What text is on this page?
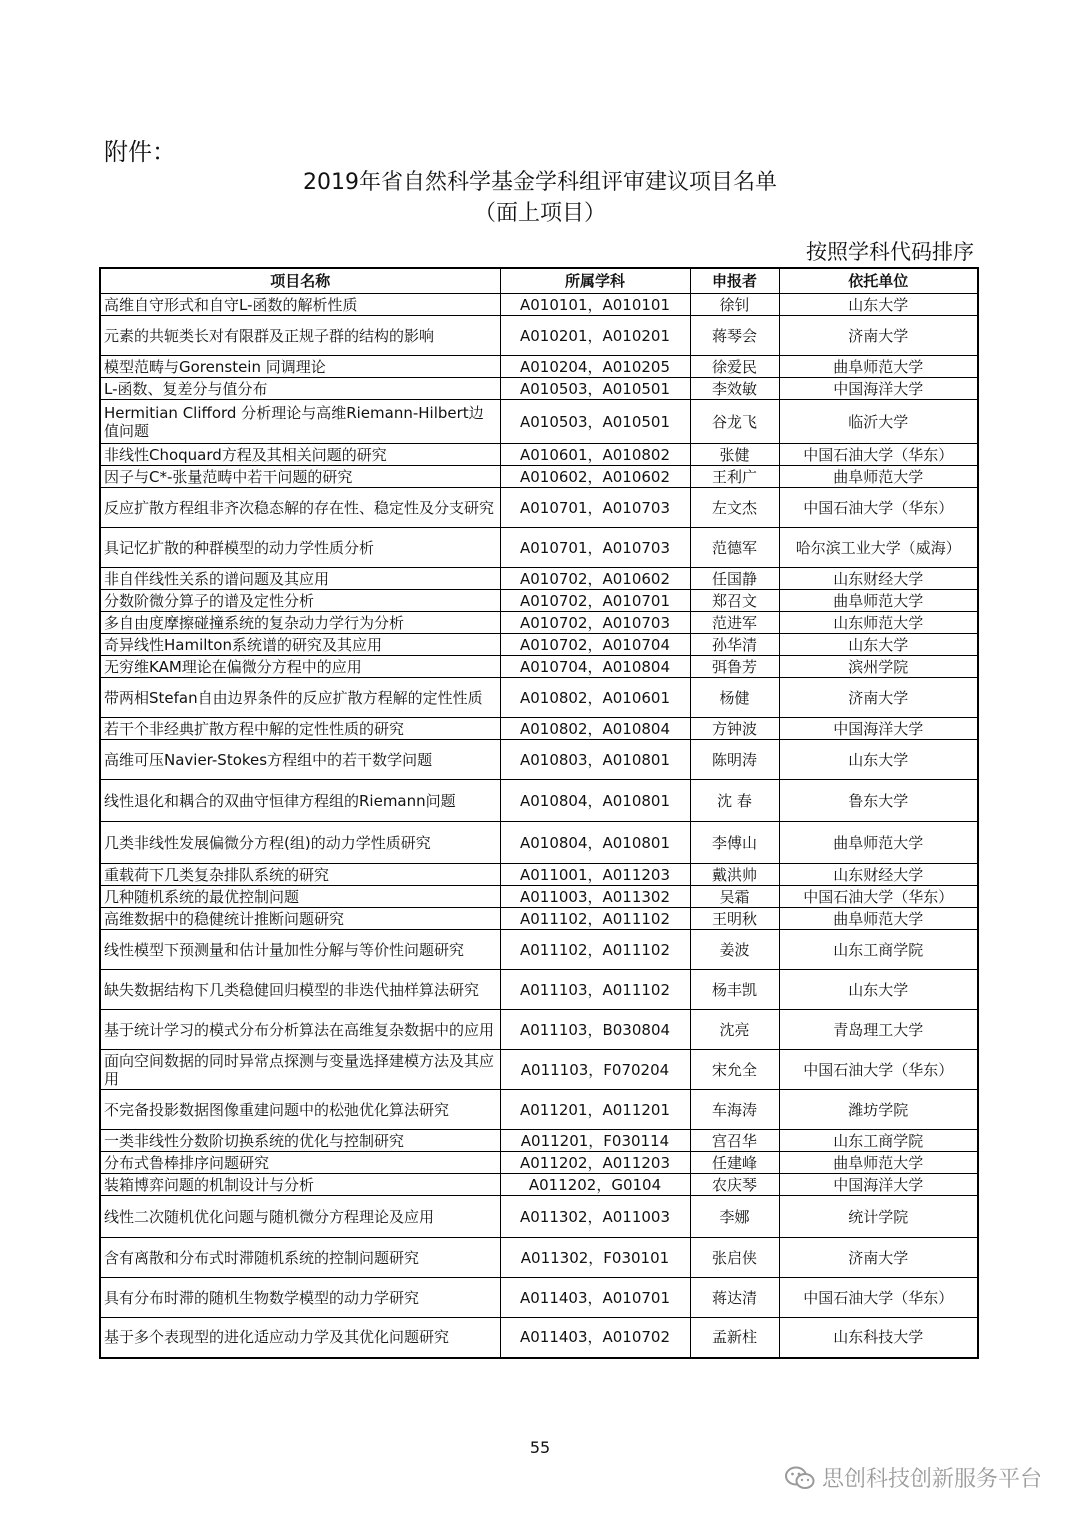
附件：
2019年省自然科学基金学科组评审建议项目名单
（面上项目）
按照学科代码排序
项目名称	所属学科	申报者	依托单位
高维自守形式和自守L-函数的解析性质	A010101，A010101	徐钊	山东大学
元素的共轭类长对有限群及正规子群的结构的影响	A010201，A010201	蒋琴会	济南大学
模型范畴与Gorenstein 同调理论	A010204，A010205	徐爱民	曲阜师范大学
L-函数、复差分与值分布	A010503，A010501	李效敏	中国海洋大学
Hermitian Clifford 分析理论与高维Riemann-Hilbert边值问题	A010503，A010501	谷龙飞	临沂大学
非线性Choquard方程及其相关问题的研究	A010601，A010802	张健	中国石油大学（华东）
因子与C*-张量范畴中若干问题的研究	A010602，A010602	王利广	曲阜师范大学
反应扩散方程组非齐次稳态解的存在性、稳定性及分支研究	A010701，A010703	左文杰	中国石油大学（华东）
具记忆扩散的种群模型的动力学性质分析	A010701，A010703	范德军	哈尔滨工业大学（威海）
非自伴线性关系的谱问题及其应用	A010702，A010602	任国静	山东财经大学
分数阶微分算子的谱及定性分析	A010702，A010701	郑召文	曲阜师范大学
多自由度摩擦碰撞系统的复杂动力学行为分析	A010702，A010703	范进军	山东师范大学
奇异线性Hamilton系统谱的研究及其应用	A010702，A010704	孙华清	山东大学
无穷维KAM理论在偏微分方程中的应用	A010704，A010804	弭鲁芳	滨州学院
带两相Stefan自由边界条件的反应扩散方程解的定性性质	A010802，A010601	杨健	济南大学
若干个非经典扩散方程中解的定性性质的研究	A010802，A010804	方钟波	中国海洋大学
高维可压Navier-Stokes方程组中的若干数学问题	A010803，A010801	陈明涛	山东大学
线性退化和耦合的双曲守恒律方程组的Riemann问题	A010804，A010801	沈 春	鲁东大学
几类非线性发展偏微分方程(组)的动力学性质研究	A010804，A010801	李傅山	曲阜师范大学
重载荷下几类复杂排队系统的研究	A011001，A011203	戴洪帅	山东财经大学
几种随机系统的最优控制问题	A011003，A011302	吴霜	中国石油大学（华东）
高维数据中的稳健统计推断问题研究	A011102，A011102	王明秋	曲阜师范大学
线性模型下预测量和估计量加性分解与等价性问题研究	A011102，A011102	姜波	山东工商学院
缺失数据结构下几类稳健回归模型的非迭代抽样算法研究	A011103，A011102	杨丰凯	山东大学
基于统计学习的模式分布分析算法在高维复杂数据中的应用	A011103，B030804	沈亮	青岛理工大学
面向空间数据的同时异常点探测与变量选择建模方法及其应用	A011103，F070204	宋允全	中国石油大学（华东）
不完备投影数据图像重建问题中的松弛优化算法研究	A011201，A011201	车海涛	潍坊学院
一类非线性分数阶切换系统的优化与控制研究	A011201，F030114	宫召华	山东工商学院
分布式鲁棒排序问题研究	A011202，A011203	任建峰	曲阜师范大学
装箱博弈问题的机制设计与分析	A011202，G0104	农庆琴	中国海洋大学
线性二次随机优化问题与随机微分方程理论及应用	A011302，A011003	李娜	统计学院
含有离散和分布式时滞随机系统的控制问题研究	A011302，F030101	张启侠	济南大学
具有分布时滞的随机生物数学模型的动力学研究	A011403，A010701	蒋达清	中国石油大学（华东）
基于多个表现型的进化适应动力学及其优化问题研究	A011403，A010702	孟新柱	山东科技大学
55
思创科技创新服务平台
